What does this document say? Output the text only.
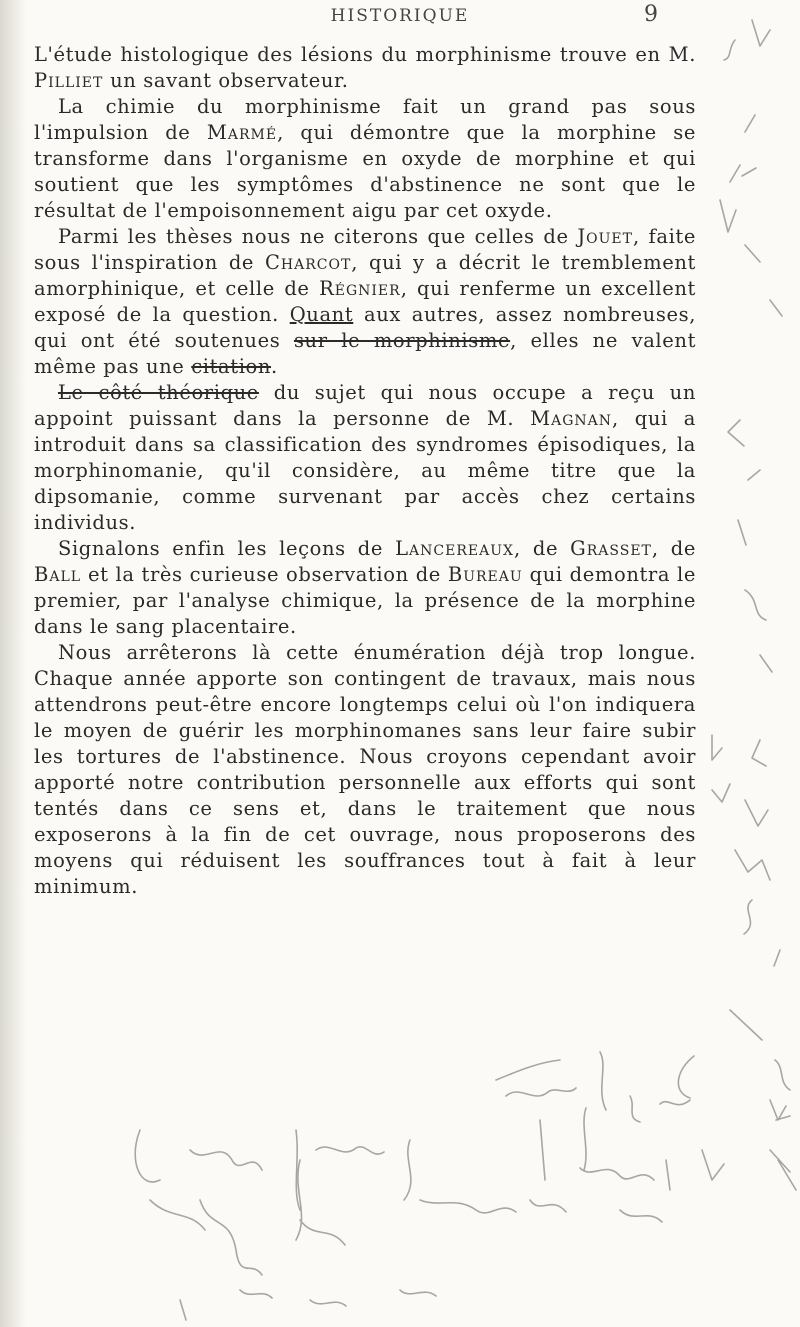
HISTORIQUE	9

L'étude histologique des lésions du morphinisme trouve en M. Pilliet un savant observateur.

La chimie du morphinisme fait un grand pas sous l'impulsion de Marmé, qui démontre que la morphine se transforme dans l'organisme en oxyde de morphine et qui soutient que les symptômes d'abstinence ne sont que le résultat de l'empoisonnement aigu par cet oxyde.

Parmi les thèses nous ne citerons que celles de Jouet, faite sous l'inspiration de Charcot, qui y a décrit le tremblement amorphinique, et celle de Régnier, qui renferme un excellent exposé de la question. Quant aux autres, assez nombreuses, qui ont été soutenues sur le morphinisme, elles ne valent même pas une citation.

Le côté théorique du sujet qui nous occupe a reçu un appoint puissant dans la personne de M. Magnan, qui a introduit dans sa classification des syndromes épisodiques, la morphinomanie, qu'il considère, au même titre que la dipsomanie, comme survenant par accès chez certains individus.

Signalons enfin les leçons de Lancereaux, de Grasset, de Ball et la très curieuse observation de Bureau qui demontra le premier, par l'analyse chimique, la présence de la morphine dans le sang placentaire.

Nous arrêterons là cette énumération déjà trop longue. Chaque année apporte son contingent de travaux, mais nous attendrons peut-être encore longtemps celui où l'on indiquera le moyen de guérir les morphinomanes sans leur faire subir les tortures de l'abstinence. Nous croyons cependant avoir apporté notre contribution personnelle aux efforts qui sont tentés dans ce sens et, dans le traitement que nous exposerons à la fin de cet ouvrage, nous proposerons des moyens qui réduisent les souffrances tout à fait à leur minimum.
